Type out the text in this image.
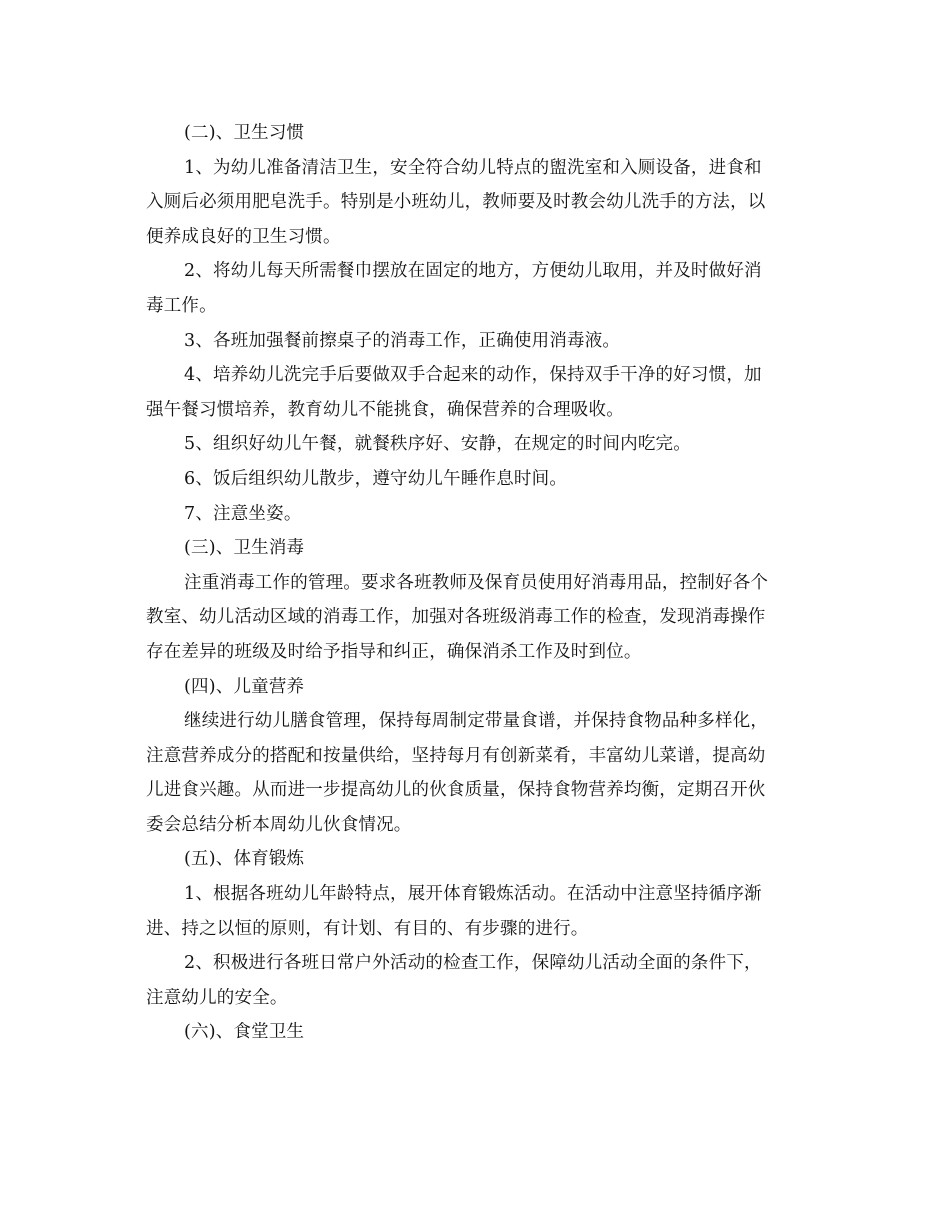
(二)、卫生习惯
1、为幼儿准备清洁卫生，安全符合幼儿特点的盥洗室和入厕设备，进食和
入厕后必须用肥皂洗手。特别是小班幼儿，教师要及时教会幼儿洗手的方法，以
便养成良好的卫生习惯。
2、将幼儿每天所需餐巾摆放在固定的地方，方便幼儿取用，并及时做好消
毒工作。
3、各班加强餐前擦桌子的消毒工作，正确使用消毒液。
4、培养幼儿洗完手后要做双手合起来的动作，保持双手干净的好习惯，加
强午餐习惯培养，教育幼儿不能挑食，确保营养的合理吸收。
5、组织好幼儿午餐，就餐秩序好、安静，在规定的时间内吃完。
6、饭后组织幼儿散步，遵守幼儿午睡作息时间。
7、注意坐姿。
(三)、卫生消毒
注重消毒工作的管理。要求各班教师及保育员使用好消毒用品，控制好各个
教室、幼儿活动区域的消毒工作，加强对各班级消毒工作的检查，发现消毒操作
存在差异的班级及时给予指导和纠正，确保消杀工作及时到位。
(四)、儿童营养
继续进行幼儿膳食管理，保持每周制定带量食谱，并保持食物品种多样化，
注意营养成分的搭配和按量供给，坚持每月有创新菜肴，丰富幼儿菜谱，提高幼
儿进食兴趣。从而进一步提高幼儿的伙食质量，保持食物营养均衡，定期召开伙
委会总结分析本周幼儿伙食情况。
(五)、体育锻炼
1、根据各班幼儿年龄特点，展开体育锻炼活动。在活动中注意坚持循序渐
进、持之以恒的原则，有计划、有目的、有步骤的进行。
2、积极进行各班日常户外活动的检查工作，保障幼儿活动全面的条件下，
注意幼儿的安全。
(六)、食堂卫生
